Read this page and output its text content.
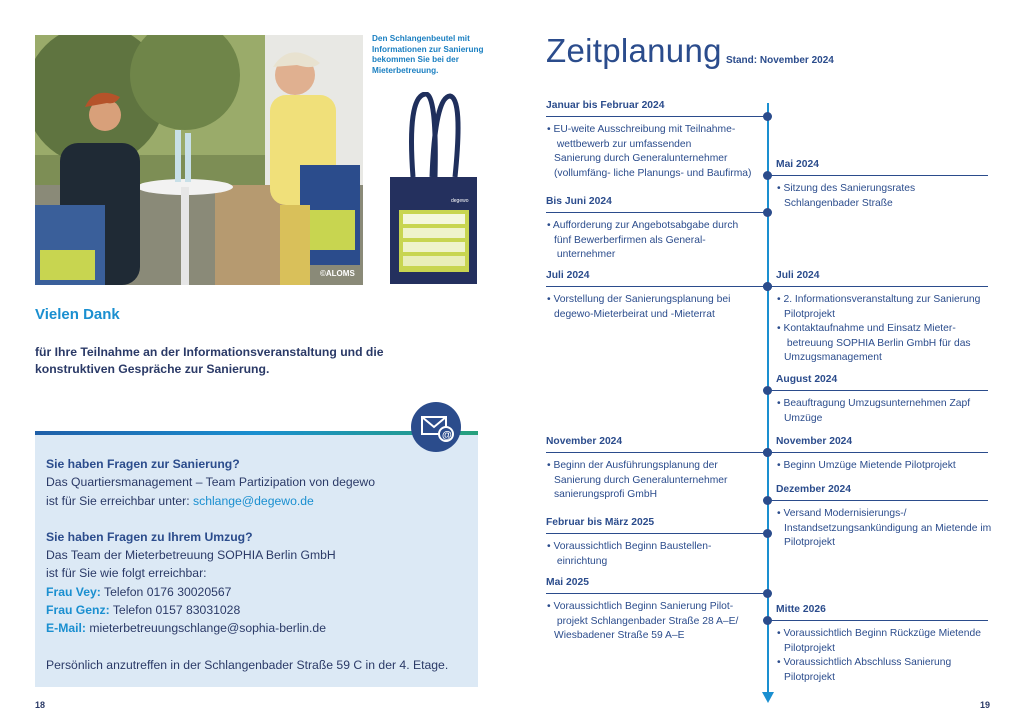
©ALOMS
Den Schlangenbeutel mit Informationen zur Sanierung bekommen Sie bei der Mieterbetreuung.
degewo
Vielen Dank
für Ihre Teilnahme an der Informationsveranstaltung und die konstruktiven Gespräche zur Sanierung.
@
Sie haben Fragen zur Sanierung?
Das Quartiersmanagement – Team Partizipation von degewo
ist für Sie erreichbar unter: schlange@degewo.de
Sie haben Fragen zu Ihrem Umzug?
Das Team der Mieterbetreuung SOPHIA Berlin GmbH
ist für Sie wie folgt erreichbar:
Frau Vey: Telefon 0176 30020567
Frau Genz: Telefon 0157 83031028
E-Mail: mieterbetreuungschlange@sophia-berlin.de
Persönlich anzutreffen in der Schlangenbader Straße 59 C in der 4. Etage.
18
Zeitplanung Stand: November 2024
Januar bis Februar 2024
• EU-weite Ausschreibung mit Teilnahme- wettbewerb zur umfassenden Sanierung durch Generalunternehmer (vollumfäng- liche Planungs- und Baufirma)
Bis Juni 2024
• Aufforderung zur Angebotsabgabe durch fünf Bewerberfirmen als General- unternehmer
Juli 2024
• Vorstellung der Sanierungsplanung bei degewo-Mieterbeirat und -Mieterrat
November 2024
• Beginn der Ausführungsplanung der Sanierung durch Generalunternehmer sanierungsprofi GmbH
Februar bis März 2025
• Voraussichtlich Beginn Baustellen- einrichtung
Mai 2025
• Voraussichtlich Beginn Sanierung Pilot- projekt Schlangenbader Straße 28 A–E/ Wiesbadener Straße 59 A–E
Mai 2024
• Sitzung des Sanierungsrates Schlangenbader Straße
Juli 2024
• 2. Informationsveranstaltung zur Sanierung Pilotprojekt
• Kontaktaufnahme und Einsatz Mieter- betreuung SOPHIA Berlin GmbH für das Umzugsmanagement
August 2024
• Beauftragung Umzugsunternehmen Zapf Umzüge
November 2024
• Beginn Umzüge Mietende Pilotprojekt
Dezember 2024
• Versand Modernisierungs-/ Instandsetzungsankündigung an Mietende im Pilotprojekt
Mitte 2026
• Voraussichtlich Beginn Rückzüge Mietende Pilotprojekt
• Voraussichtlich Abschluss Sanierung Pilotprojekt
19
